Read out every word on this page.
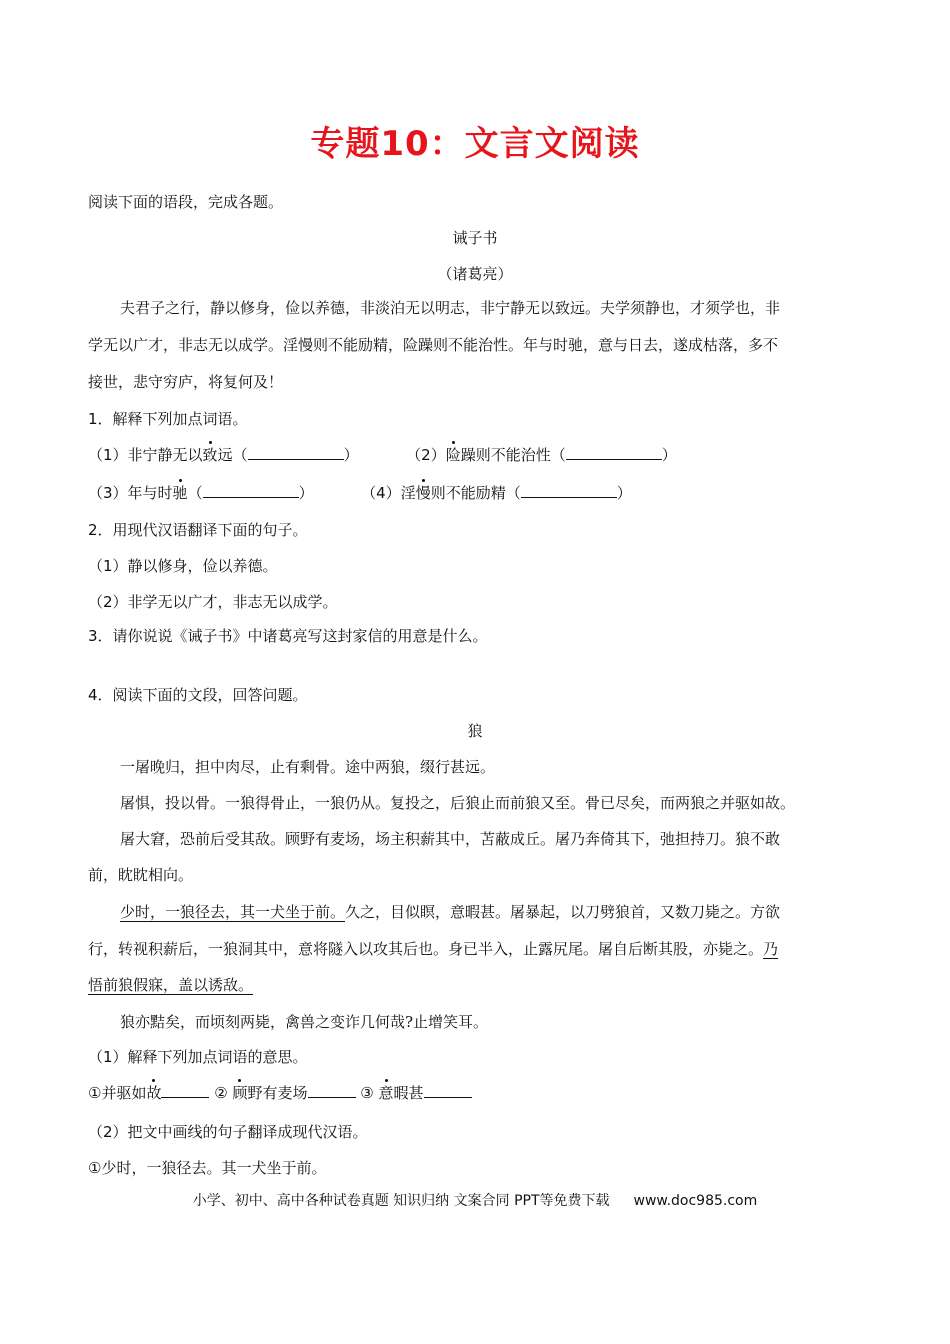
专题10：文言文阅读
阅读下面的语段，完成各题。
诫子书
（诸葛亮）
夫君子之行，静以修身，俭以养德，非淡泊无以明志，非宁静无以致远。夫学须静也，才须学也，非
学无以广才，非志无以成学。淫慢则不能励精，险躁则不能治性。年与时驰，意与日去，遂成枯落，多不
接世，悲守穷庐，将复何及！
1．解释下列加点词语。
（1）非宁静无以致远（	）	（2）险躁则不能治性（	）
（3）年与时驰（	）	（4）淫慢则不能励精（	）
2．用现代汉语翻译下面的句子。
（1）静以修身，俭以养德。
（2）非学无以广才，非志无以成学。
3．请你说说《诫子书》中诸葛亮写这封家信的用意是什么。
4．阅读下面的文段，回答问题。
狼
一屠晚归，担中肉尽，止有剩骨。途中两狼，缀行甚远。
屠惧，投以骨。一狼得骨止，一狼仍从。复投之，后狼止而前狼又至。骨已尽矣，而两狼之并驱如故。
屠大窘，恐前后受其敌。顾野有麦场，场主积薪其中，苫蔽成丘。屠乃奔倚其下，弛担持刀。狼不敢
前，眈眈相向。
少时，一狼径去，其一犬坐于前。久之，目似瞑，意暇甚。屠暴起，以刀劈狼首，又数刀毙之。方欲
行，转视积薪后，一狼洞其中，意将隧入以攻其后也。身已半入，止露尻尾。屠自后断其股，亦毙之。乃
悟前狼假寐，盖以诱敌。
狼亦黠矣，而顷刻两毙，禽兽之变诈几何哉?止增笑耳。
（1）解释下列加点词语的意思。
①并驱如故	② 顾野有麦场	③ 意暇甚
（2）把文中画线的句子翻译成现代汉语。
①少时，一狼径去。其一犬坐于前。
小学、初中、高中各种试卷真题 知识归纳 文案合同 PPT等免费下载 www.doc985.com
